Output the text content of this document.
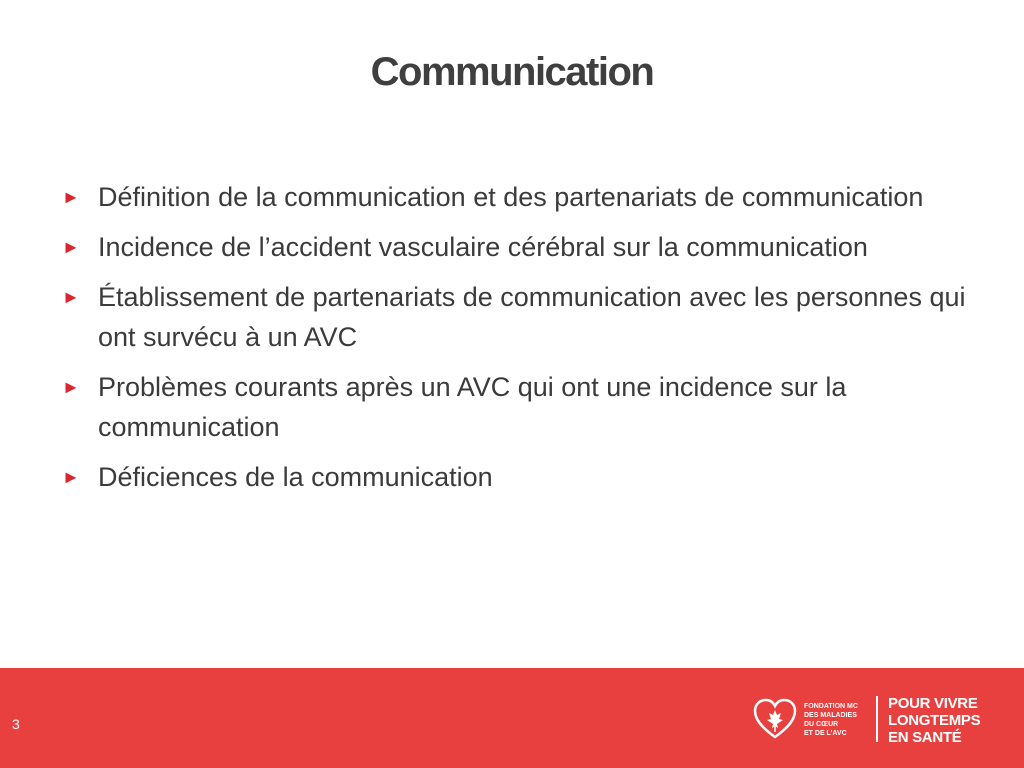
Communication
► Définition de la communication et des partenariats de communication
► Incidence de l’accident vasculaire cérébral sur la communication
► Établissement de partenariats de communication avec les personnes qui ont survécu à un AVC
► Problèmes courants après un AVC qui ont une incidence sur la communication
► Déficiences de la communication
3
FONDATION MC
DES MALADIES
DU CŒUR
ET DE L’AVC
POUR VIVRE
LONGTEMPS
EN SANTÉ
